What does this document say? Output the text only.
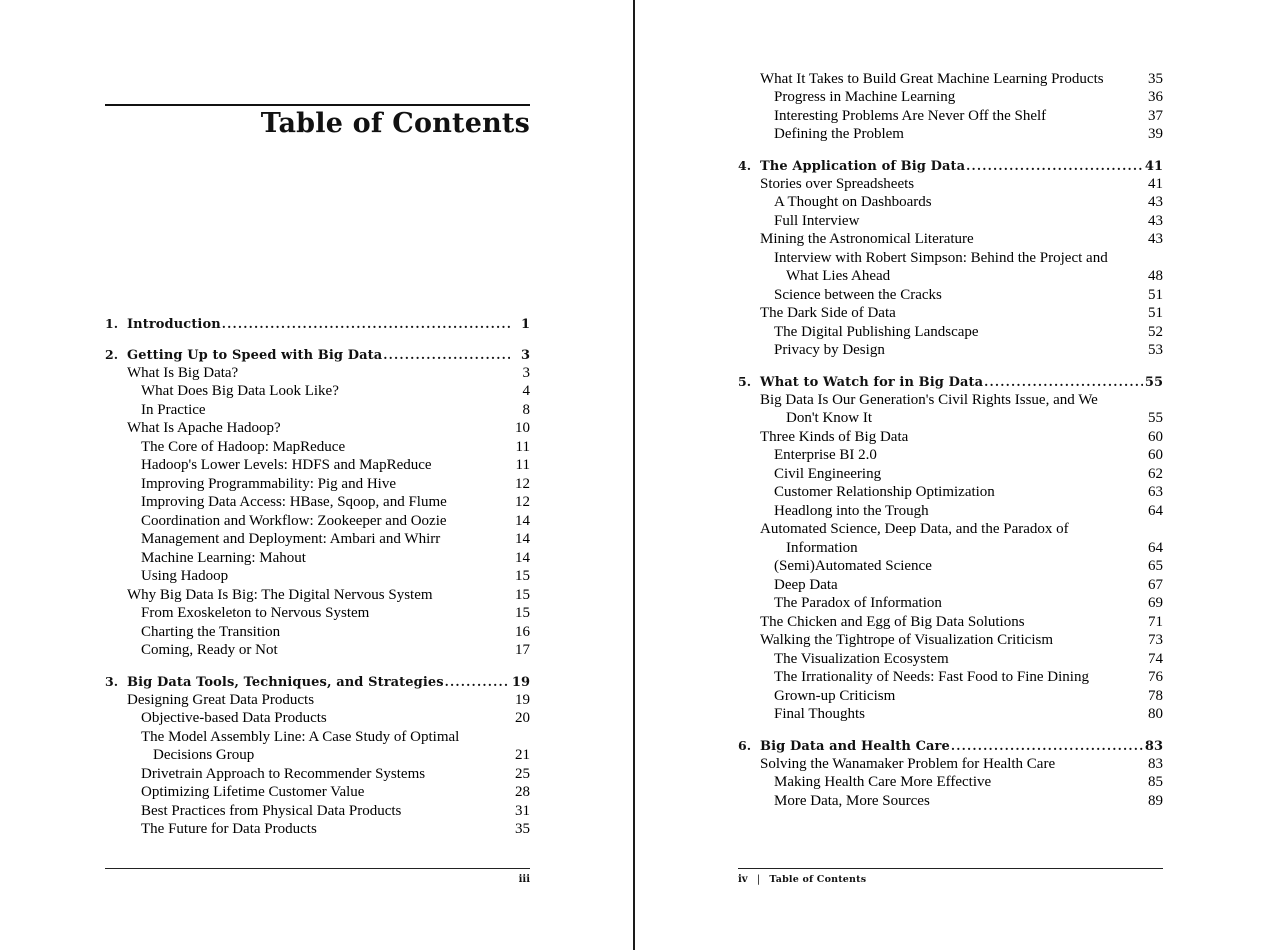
Table of Contents
1. Introduction .....	1
2. Getting Up to Speed with Big Data .....	3
What Is Big Data?	3
What Does Big Data Look Like?	4
In Practice	8
What Is Apache Hadoop?	10
The Core of Hadoop: MapReduce	11
Hadoop's Lower Levels: HDFS and MapReduce	11
Improving Programmability: Pig and Hive	12
Improving Data Access: HBase, Sqoop, and Flume	12
Coordination and Workflow: Zookeeper and Oozie	14
Management and Deployment: Ambari and Whirr	14
Machine Learning: Mahout	14
Using Hadoop	15
Why Big Data Is Big: The Digital Nervous System	15
From Exoskeleton to Nervous System	15
Charting the Transition	16
Coming, Ready or Not	17
3. Big Data Tools, Techniques, and Strategies .....	19
Designing Great Data Products	19
Objective-based Data Products	20
The Model Assembly Line: A Case Study of Optimal
Decisions Group	21
Drivetrain Approach to Recommender Systems	25
Optimizing Lifetime Customer Value	28
Best Practices from Physical Data Products	31
The Future for Data Products	35
iii
What It Takes to Build Great Machine Learning Products	35
Progress in Machine Learning	36
Interesting Problems Are Never Off the Shelf	37
Defining the Problem	39
4. The Application of Big Data .....	41
Stories over Spreadsheets	41
A Thought on Dashboards	43
Full Interview	43
Mining the Astronomical Literature	43
Interview with Robert Simpson: Behind the Project and
What Lies Ahead	48
Science between the Cracks	51
The Dark Side of Data	51
The Digital Publishing Landscape	52
Privacy by Design	53
5. What to Watch for in Big Data .....	55
Big Data Is Our Generation's Civil Rights Issue, and We
Don't Know It	55
Three Kinds of Big Data	60
Enterprise BI 2.0	60
Civil Engineering	62
Customer Relationship Optimization	63
Headlong into the Trough	64
Automated Science, Deep Data, and the Paradox of
Information	64
(Semi)Automated Science	65
Deep Data	67
The Paradox of Information	69
The Chicken and Egg of Big Data Solutions	71
Walking the Tightrope of Visualization Criticism	73
The Visualization Ecosystem	74
The Irrationality of Needs: Fast Food to Fine Dining	76
Grown-up Criticism	78
Final Thoughts	80
6. Big Data and Health Care .....	83
Solving the Wanamaker Problem for Health Care	83
Making Health Care More Effective	85
More Data, More Sources	89
iv | Table of Contents
